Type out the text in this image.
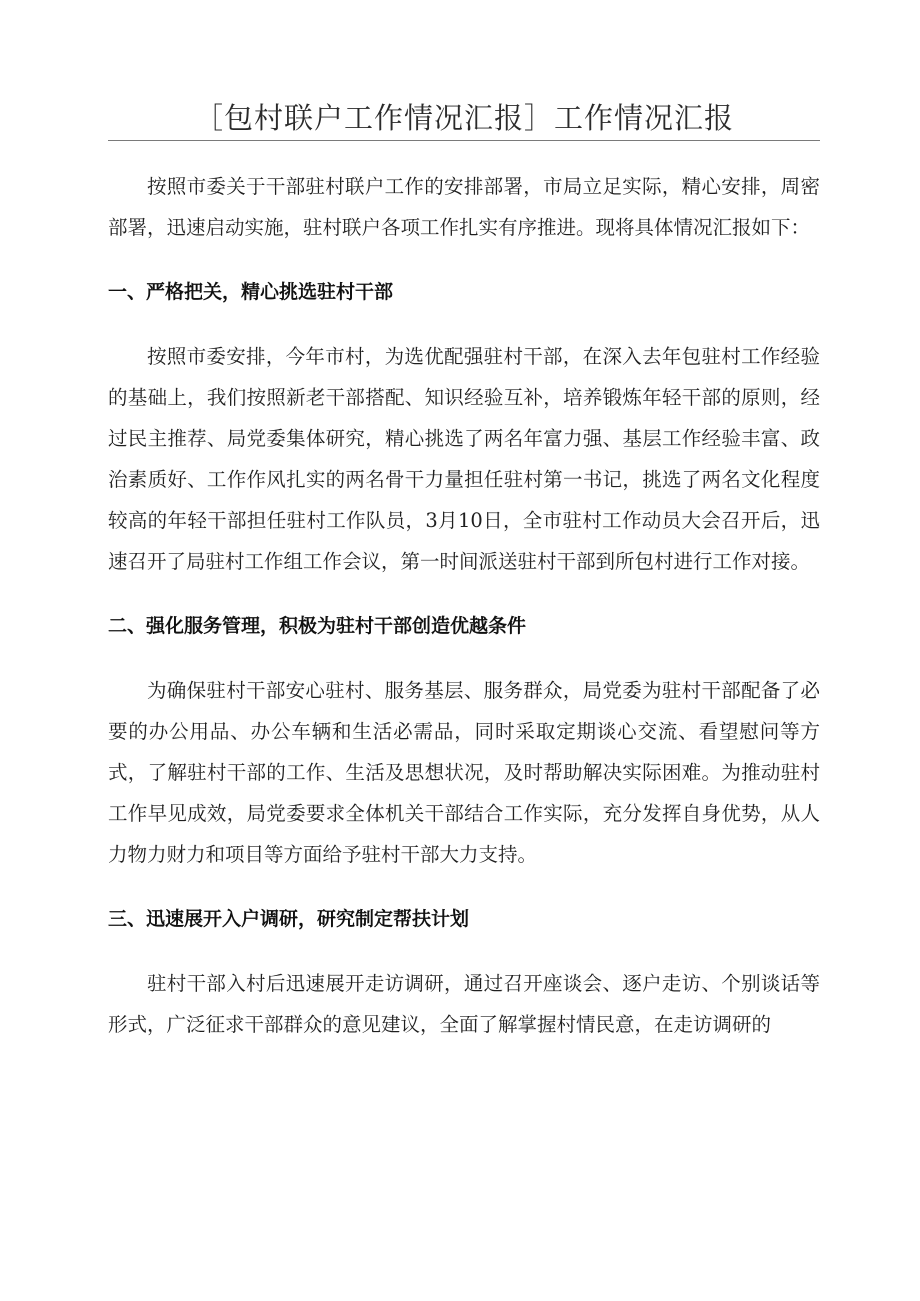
［包村联户工作情况汇报］工作情况汇报

按照市委关于干部驻村联户工作的安排部署，市局立足实际，精心安排，周密部署，迅速启动实施，驻村联户各项工作扎实有序推进。现将具体情况汇报如下：

一、严格把关，精心挑选驻村干部

按照市委安排，今年市村，为选优配强驻村干部，在深入去年包驻村工作经验的基础上，我们按照新老干部搭配、知识经验互补，培养锻炼年轻干部的原则，经过民主推荐、局党委集体研究，精心挑选了两名年富力强、基层工作经验丰富、政治素质好、工作作风扎实的两名骨干力量担任驻村第一书记，挑选了两名文化程度较高的年轻干部担任驻村工作队员，3月10日，全市驻村工作动员大会召开后，迅速召开了局驻村工作组工作会议，第一时间派送驻村干部到所包村进行工作对接。

二、强化服务管理，积极为驻村干部创造优越条件

为确保驻村干部安心驻村、服务基层、服务群众，局党委为驻村干部配备了必要的办公用品、办公车辆和生活必需品，同时采取定期谈心交流、看望慰问等方式，了解驻村干部的工作、生活及思想状况，及时帮助解决实际困难。为推动驻村工作早见成效，局党委要求全体机关干部结合工作实际，充分发挥自身优势，从人力物力财力和项目等方面给予驻村干部大力支持。

三、迅速展开入户调研，研究制定帮扶计划

驻村干部入村后迅速展开走访调研，通过召开座谈会、逐户走访、个别谈话等形式，广泛征求干部群众的意见建议，全面了解掌握村情民意，在走访调研的
